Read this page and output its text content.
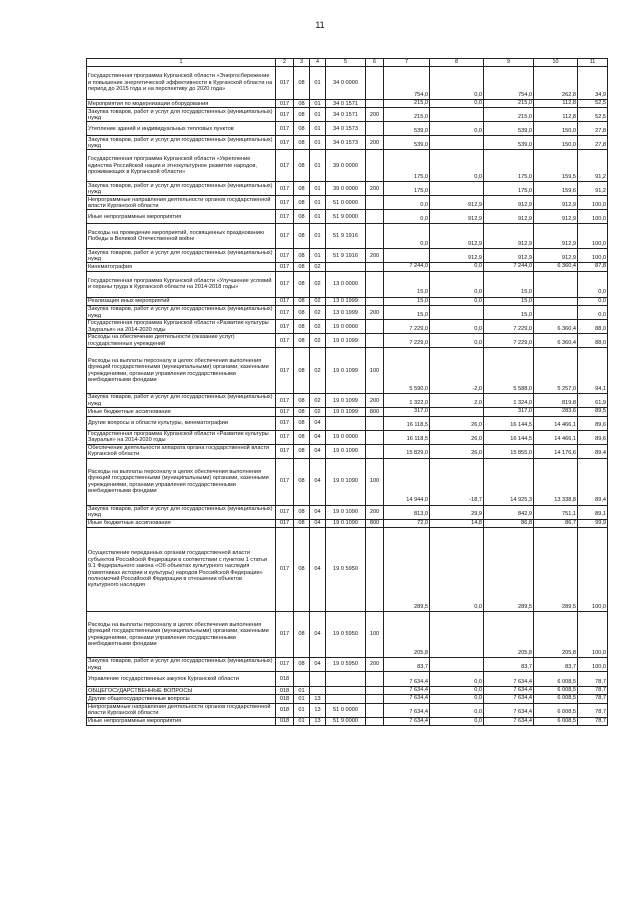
11
1	2	3	4	5	6	7	8	9	10	11
Государственная программа Курганской области «Энергосбережение и повышение энергетической эффективности в Курганской области на период до 2015 года и на перспективу до 2020 года»	017	08	01	34 0 0000		754,0	0,0	754,0	262,8	34,9
Мероприятия по модернизации оборудования	017	08	01	34 0 1571		215,0	0,0	215,0	112,8	52,5
Закупка товаров, работ и услуг для государственных (муниципальных) нужд	017	08	01	34 0 1571	200	215,0		215,0	112,8	52,5
Утепление зданий и индивидуальных тепловых пунктов	017	08	01	34 0 1573		539,0	0,0	539,0	150,0	27,8
Закупка товаров, работ и услуг для государственных (муниципальных) нужд	017	08	01	34 0 1573	200	539,0		539,0	150,0	27,8
Государственная программа Курганской области «Укрепление единства Российской нации и этнокультурное развитие народов, проживающих в Курганской области»	017	08	01	39 0 0000		175,0	0,0	175,0	159,5	91,2
Закупка товаров, работ и услуг для государственных (муниципальных) нужд	017	08	01	39 0 0000	200	175,0		175,0	159,6	91,2
Непрограммные направления деятельности органов государственной власти Курганской области	017	08	01	51 0 0000		0,0	912,9	912,9	912,9	100,0
Иные непрограммные мероприятия	017	08	01	51 9 0000		0,0	912,9	912,9	912,9	100,0
Расходы на проведение мероприятий, посвященных празднованию Победы в Великой Отечественной войне	017	08	01	51 9 1916		0,0	912,9	912,9	912,9	100,0
Закупка товаров, работ и услуг для государственных (муниципальных) нужд	017	08	01	51 9 1916	200		912,9	912,9	912,9	100,0
Кинематография	017	08	02			7 244,0	0,0	7 244,0	6 360,4	87,8
Государственная программа Курганской области «Улучшение условий и охраны труда в Курганской области на 2014-2018 годы»	017	08	02	13 0 0000		15,0	0,0	15,0		0,0
Реализация иных мероприятий	017	08	02	13 0 1999		15,0	0,0	15,0		0,0
Закупка товаров, работ и услуг для государственных (муниципальных) нужд	017	08	02	13 0 1999	200	15,0		15,0		0,0
Государственная программа Курганской области «Развитие культуры Зауралья» на 2014-2020 годы	017	08	02	19 0 0000		7 229,0	0,0	7 229,0	6 360,4	88,0
Расходы на обеспечение деятельности (оказание услуг) государственных учреждений	017	08	02	19 0 1099		7 229,0	0,0	7 229,0	6 360,4	88,0
Расходы на выплаты персоналу в целях обеспечения выполнения функций государственными (муниципальными) органами, казенными учреждениями, органами управления государственными внебюджетными фондами	017	08	02	19 0 1099	100	5 590,0	-2,0	5 588,0	5 257,0	94,1
Закупка товаров, работ и услуг для государственных (муниципальных) нужд	017	08	02	19 0 1099	200	1 322,0	2,0	1 324,0	819,8	61,9
Иные бюджетные ассигнования	017	08	02	19 0 1099	800	317,0		317,0	283,6	89,5
Другие вопросы в области культуры, кинематографии	017	08	04			16 118,5	26,0	16 144,5	14 466,1	89,6
Государственная программа Курганской области «Развитие культуры Зауралья» на 2014-2020 годы	017	08	04	19 0 0000		16 118,5	26,0	16 144,5	14 466,1	89,6
Обеспечение деятельности аппарата органа государственной власти Курганской области	017	08	04	19 0 1090		15 829,0	26,0	15 855,0	14 176,6	89,4
Расходы на выплаты персоналу в целях обеспечения выполнения функций государственными (муниципальными) органами, казенными учреждениями, органами управления государственными внебюджетными фондами	017	08	04	19 0 1090	100	14 944,0	-18,7	14 925,3	13 338,8	89,4
Закупка товаров, работ и услуг для государственных (муниципальных) нужд	017	08	04	19 0 1090	200	813,0	29,9	842,9	751,1	89,1
Иные бюджетные ассигнования	017	08	04	19 0 1090	800	72,0	14,8	86,8	86,7	99,9
Осуществление переданных органам государственной власти субъектов Российской Федерации в соответствии с пунктом 1 статьи 9.1 Федерального закона «Об объектах культурного наследия (памятниках истории и культуры) народов Российской Федерации» полномочий Российской Федерации в отношении объектов культурного наследия	017	08	04	19 0 5950		289,5	0,0	289,5	289,5	100,0
Расходы на выплаты персоналу в целях обеспечения выполнения функций государственными (муниципальными) органами, казенными учреждениями, органами управления государственными внебюджетными фондами	017	08	04	19 0 5950	100	205,8		205,8	205,8	100,0
Закупка товаров, работ и услуг для государственных (муниципальных) нужд	017	08	04	19 0 5950	200	83,7		83,7	83,7	100,0
Управление государственных закупок Курганской области	018					7 634,4	0,0	7 634,4	6 008,5	78,7
ОБЩЕГОСУДАРСТВЕННЫЕ ВОПРОСЫ	018	01				7 634,4	0,0	7 634,4	6 008,5	78,7
Другие общегосударственные вопросы	018	01	13			7 634,4	0,0	7 634,4	6 008,5	78,7
Непрограммные направления деятельности органов государственной власти Курганской области	018	01	13	51 0 0000		7 634,4	0,0	7 634,4	6 008,5	78,7
Иные непрограммные мероприятия	018	01	13	51 9 0000		7 634,4	0,0	7 634,4	6 008,5	78,7
